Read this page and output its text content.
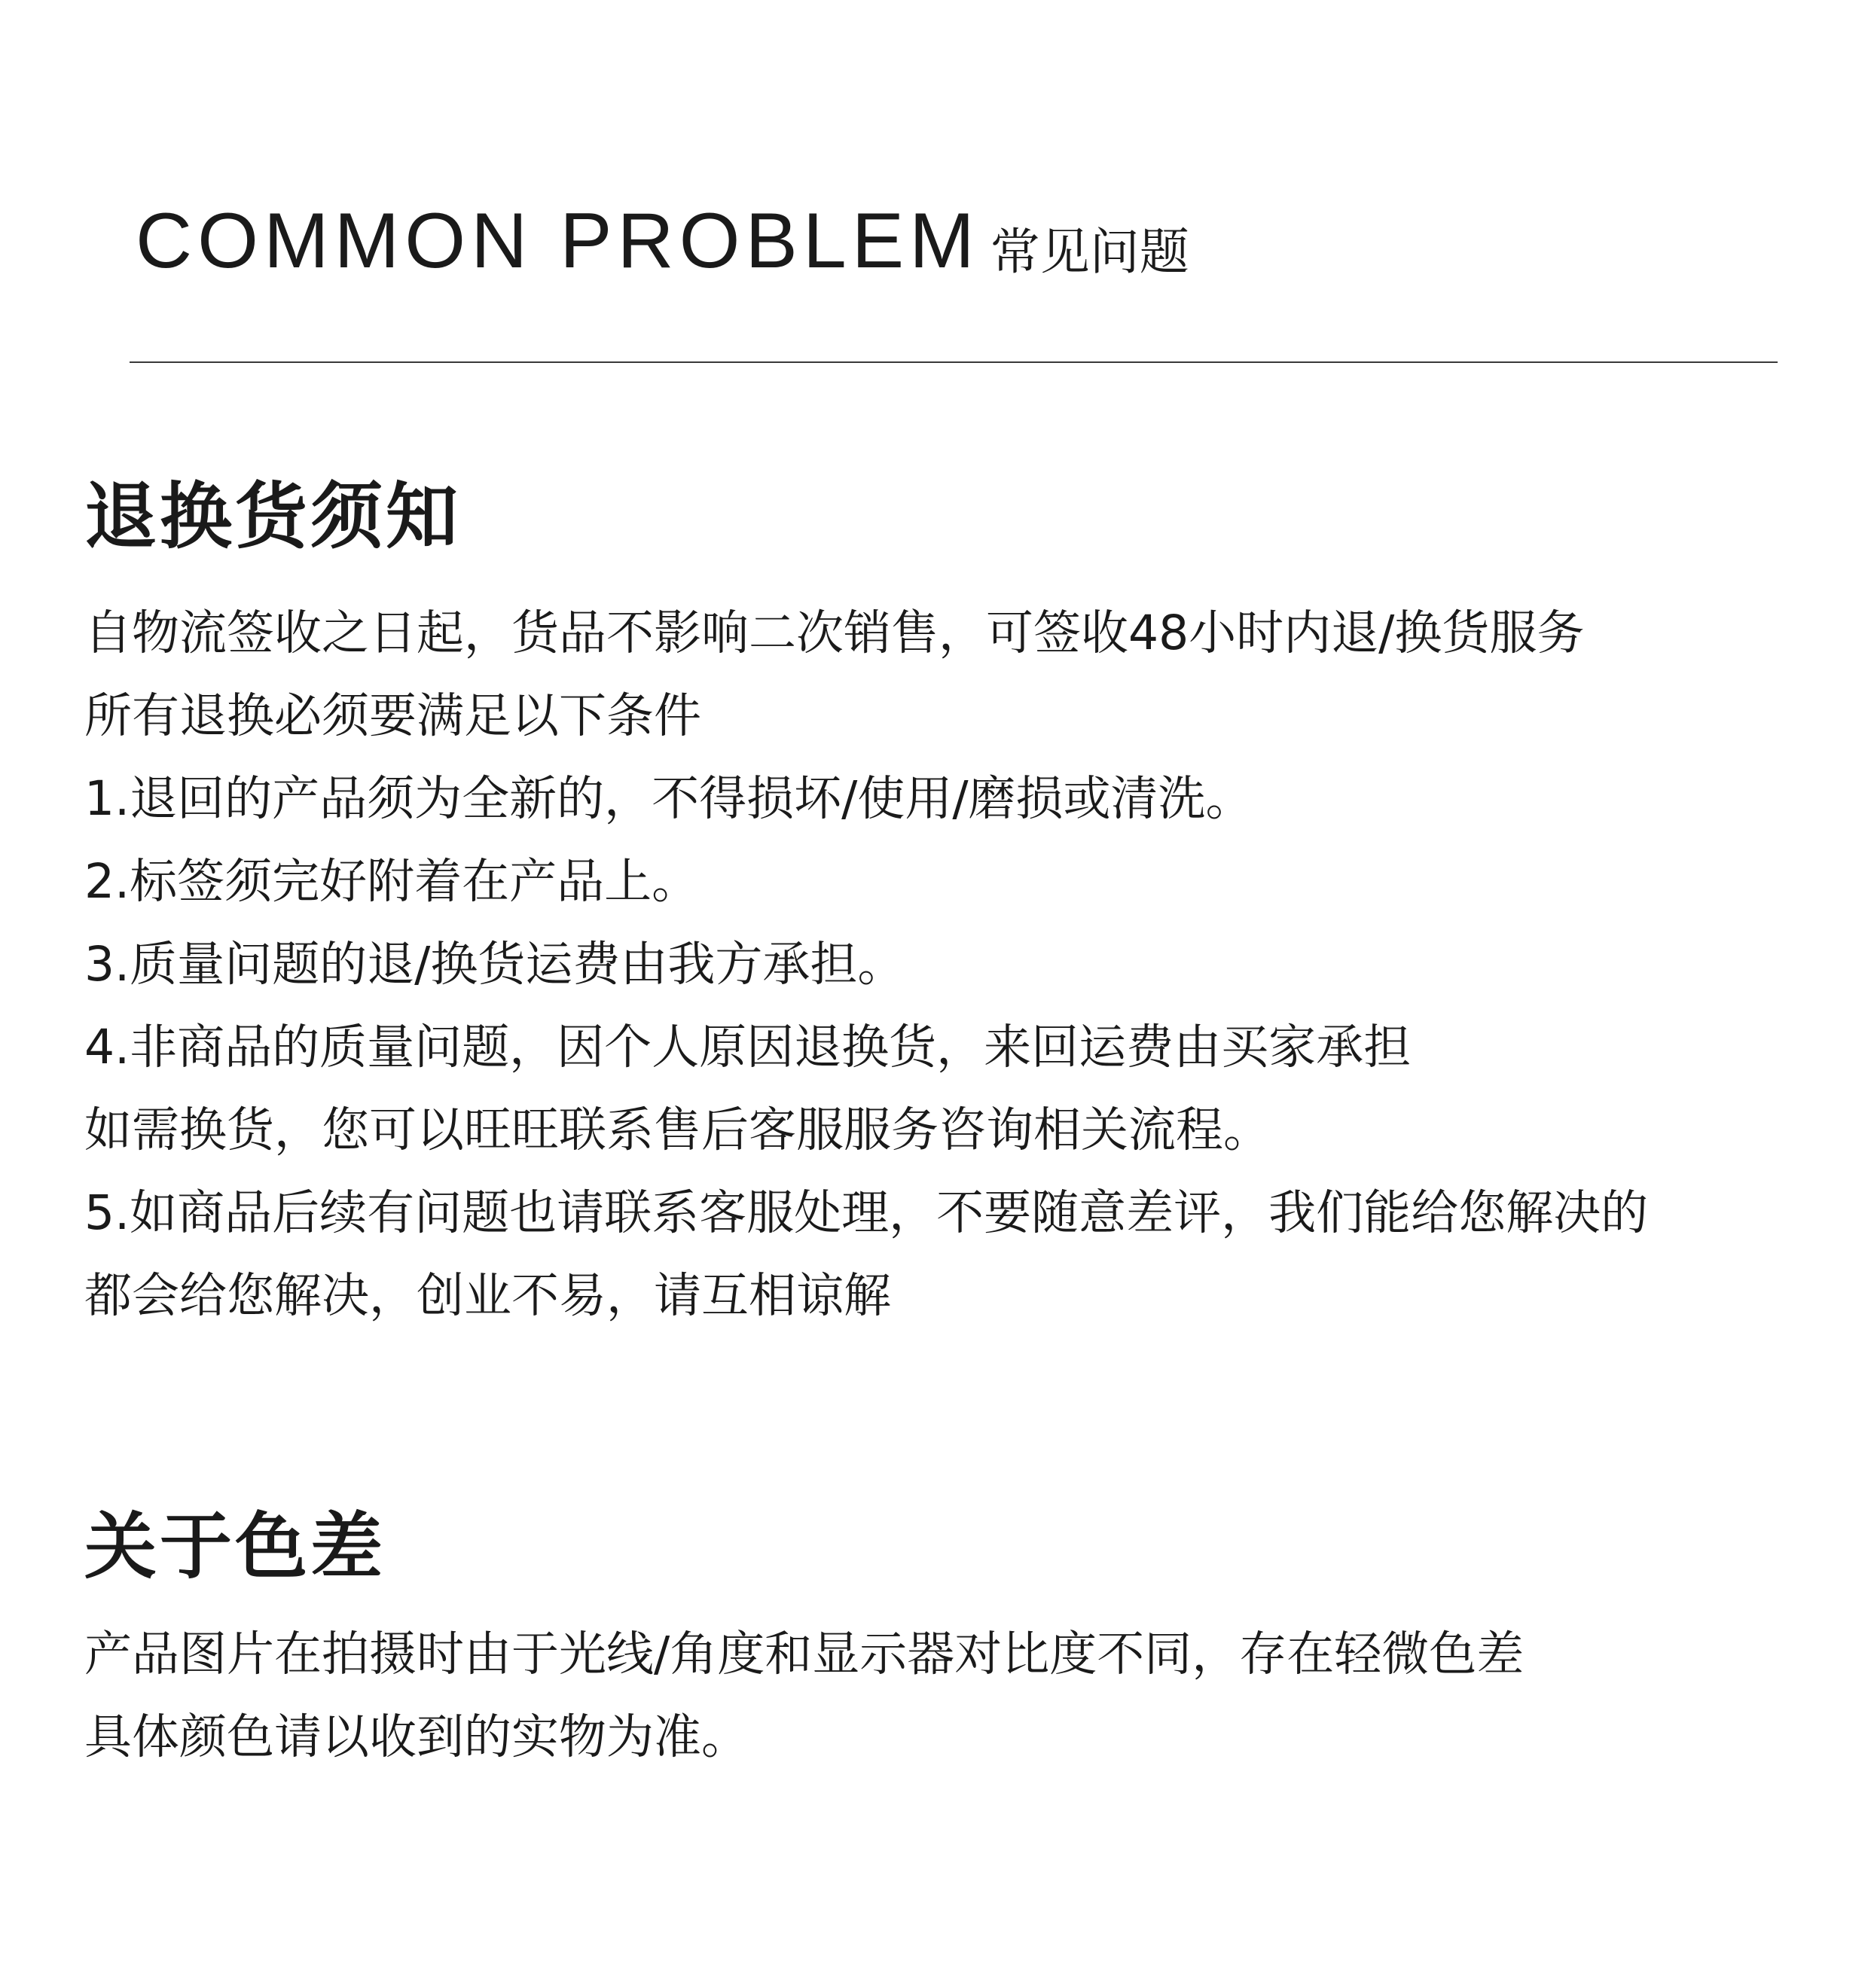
COMMON PROBLEM 常见问题
退换货须知
自物流签收之日起，货品不影响二次销售，可签收48小时内退/换货服务
所有退换必须要满足以下条件
1.退回的产品须为全新的，不得损坏/使用/磨损或清洗。
2.标签须完好附着在产品上。
3.质量问题的退/换货运费由我方承担。
4.非商品的质量问题，因个人原因退换货，来回运费由买家承担
如需换货，您可以旺旺联系售后客服服务咨询相关流程。
5.如商品后续有问题也请联系客服处理，不要随意差评，我们能给您解决的
都会给您解决，创业不易，请互相谅解
关于色差
产品图片在拍摄时由于光线/角度和显示器对比度不同，存在轻微色差
具体颜色请以收到的实物为准。
